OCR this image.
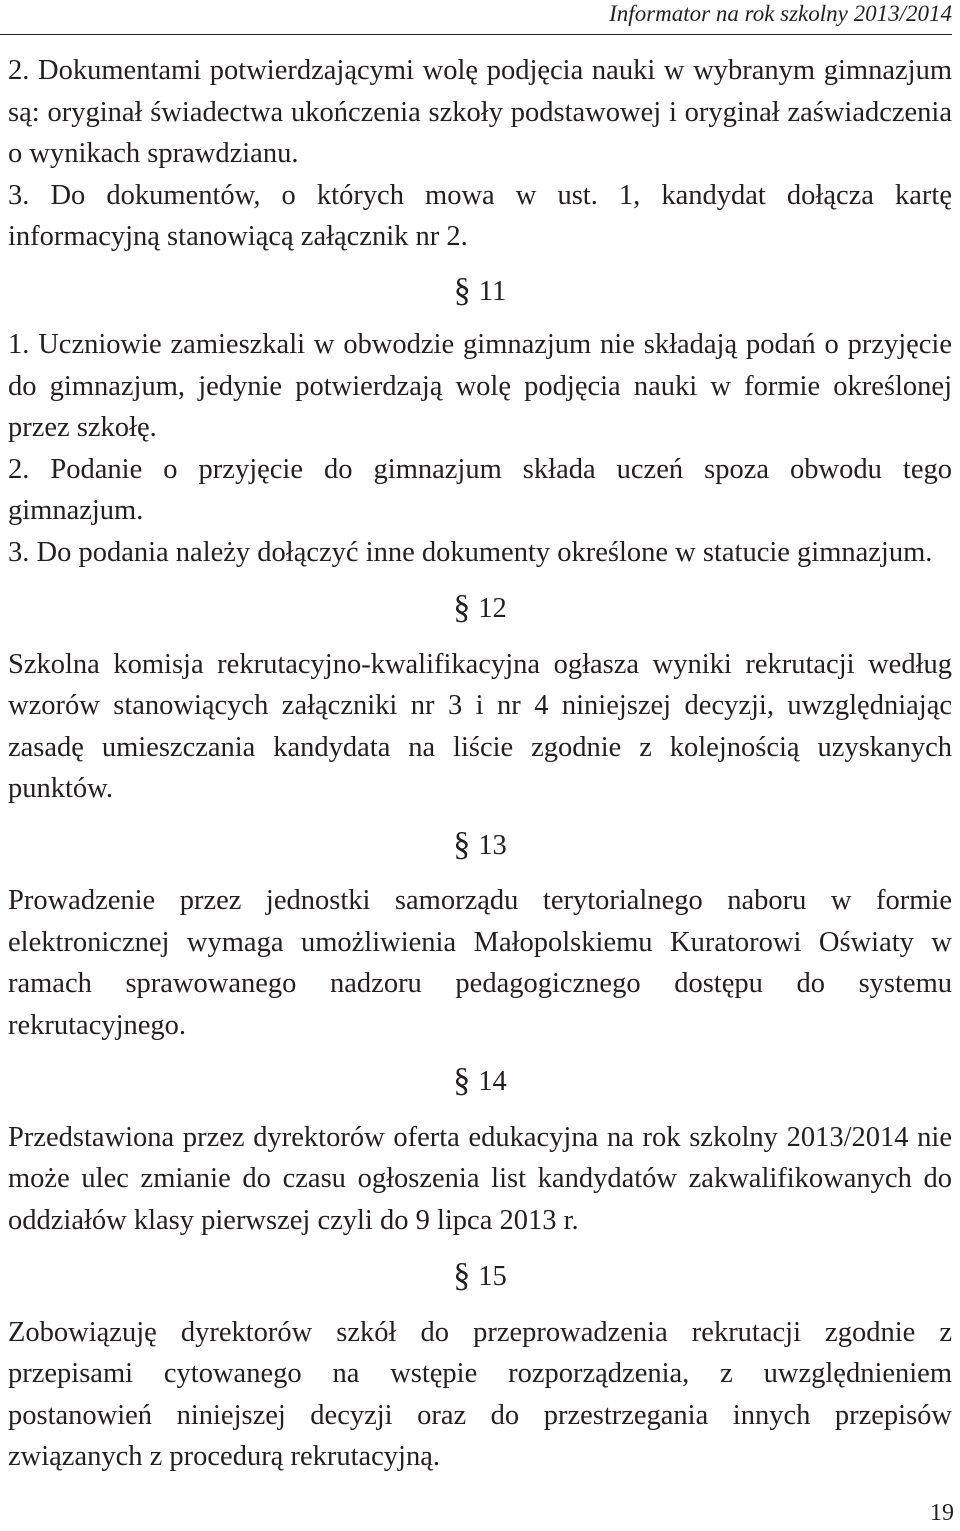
Informator na rok szkolny 2013/2014

2. Dokumentami potwierdzającymi wolę podjęcia nauki w wybranym gimnazjum są: oryginał świadectwa ukończenia szkoły podstawowej i oryginał zaświadczenia o wynikach sprawdzianu.

3. Do dokumentów, o których mowa w ust. 1, kandydat dołącza kartę informacyjną stanowiącą załącznik nr 2.

§ 11

1. Uczniowie zamieszkali w obwodzie gimnazjum nie składają podań o przyjęcie do gimnazjum, jedynie potwierdzają wolę podjęcia nauki w formie określonej przez szkołę.

2. Podanie o przyjęcie do gimnazjum składa uczeń spoza obwodu tego gimnazjum.

3. Do podania należy dołączyć inne dokumenty określone w statucie gimnazjum.

§ 12

Szkolna komisja rekrutacyjno-kwalifikacyjna ogłasza wyniki rekrutacji według wzorów stanowiących załączniki nr 3 i nr 4 niniejszej decyzji, uwzględniając zasadę umieszczania kandydata na liście zgodnie z kolejnością uzyskanych punktów.

§ 13

Prowadzenie przez jednostki samorządu terytorialnego naboru w formie elektronicznej wymaga umożliwienia Małopolskiemu Kuratorowi Oświaty w ramach sprawowanego nadzoru pedagogicznego dostępu do systemu rekrutacyjnego.

§ 14

Przedstawiona przez dyrektorów oferta edukacyjna na rok szkolny 2013/2014 nie może ulec zmianie do czasu ogłoszenia list kandydatów zakwalifikowanych do oddziałów klasy pierwszej czyli do 9 lipca 2013 r.

§ 15

Zobowiązuję dyrektorów szkół do przeprowadzenia rekrutacji zgodnie z przepisami cytowanego na wstępie rozporządzenia, z uwzględnieniem postanowień niniejszej decyzji oraz do przestrzegania innych przepisów związanych z procedurą rekrutacyjną.

19
